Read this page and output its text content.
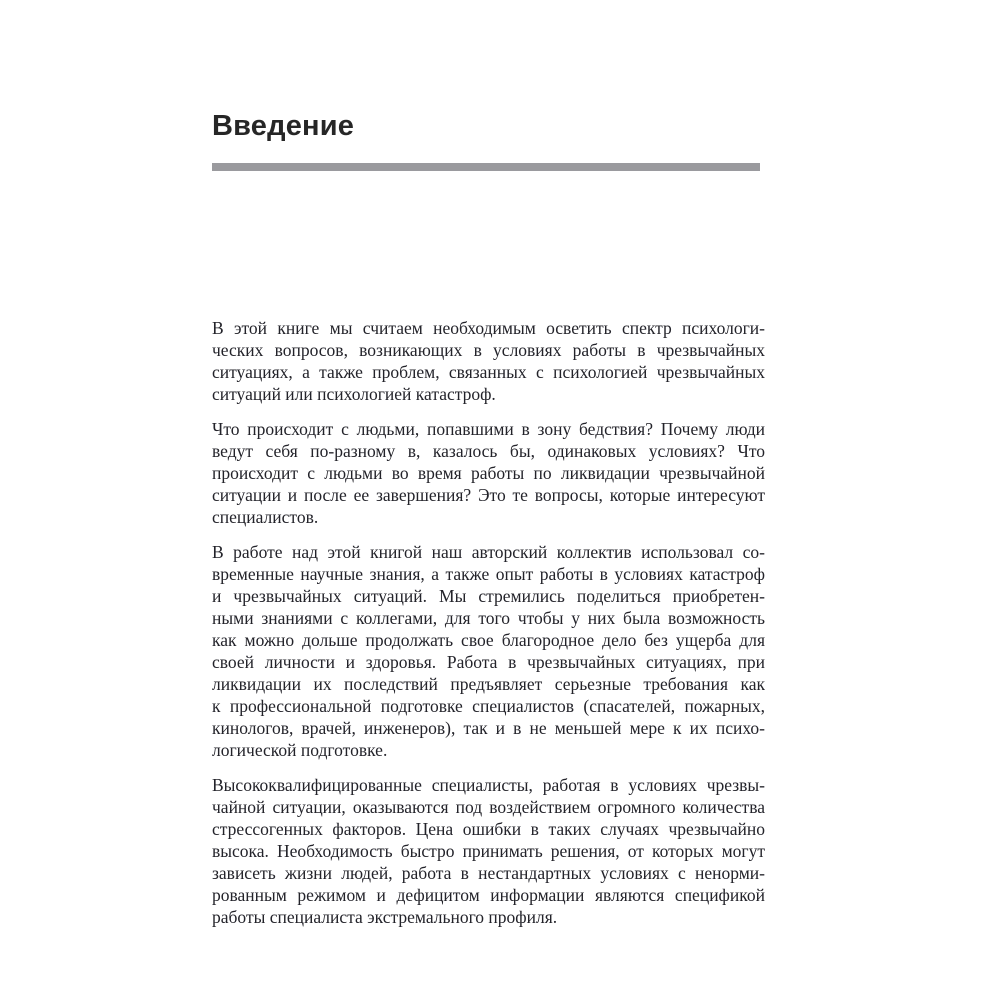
Введение

В этой книге мы считаем необходимым осветить спектр психологи-
ческих вопросов, возникающих в условиях работы в чрезвычайных
ситуациях, а также проблем, связанных с психологией чрезвычайных
ситуаций или психологией катастроф.

Что происходит с людьми, попавшими в зону бедствия? Почему люди
ведут себя по-разному в, казалось бы, одинаковых условиях? Что
происходит с людьми во время работы по ликвидации чрезвычайной
ситуации и после ее завершения? Это те вопросы, которые интересуют
специалистов.

В работе над этой книгой наш авторский коллектив использовал со-
временные научные знания, а также опыт работы в условиях катастроф
и чрезвычайных ситуаций. Мы стремились поделиться приобретен-
ными знаниями с коллегами, для того чтобы у них была возможность
как можно дольше продолжать свое благородное дело без ущерба для
своей личности и здоровья. Работа в чрезвычайных ситуациях, при
ликвидации их последствий предъявляет серьезные требования как
к профессиональной подготовке специалистов (спасателей, пожарных,
кинологов, врачей, инженеров), так и в не меньшей мере к их психо-
логической подготовке.

Высококвалифицированные специалисты, работая в условиях чрезвы-
чайной ситуации, оказываются под воздействием огромного количества
стрессогенных факторов. Цена ошибки в таких случаях чрезвычайно
высока. Необходимость быстро принимать решения, от которых могут
зависеть жизни людей, работа в нестандартных условиях с ненорми-
рованным режимом и дефицитом информации являются спецификой
работы специалиста экстремального профиля.
